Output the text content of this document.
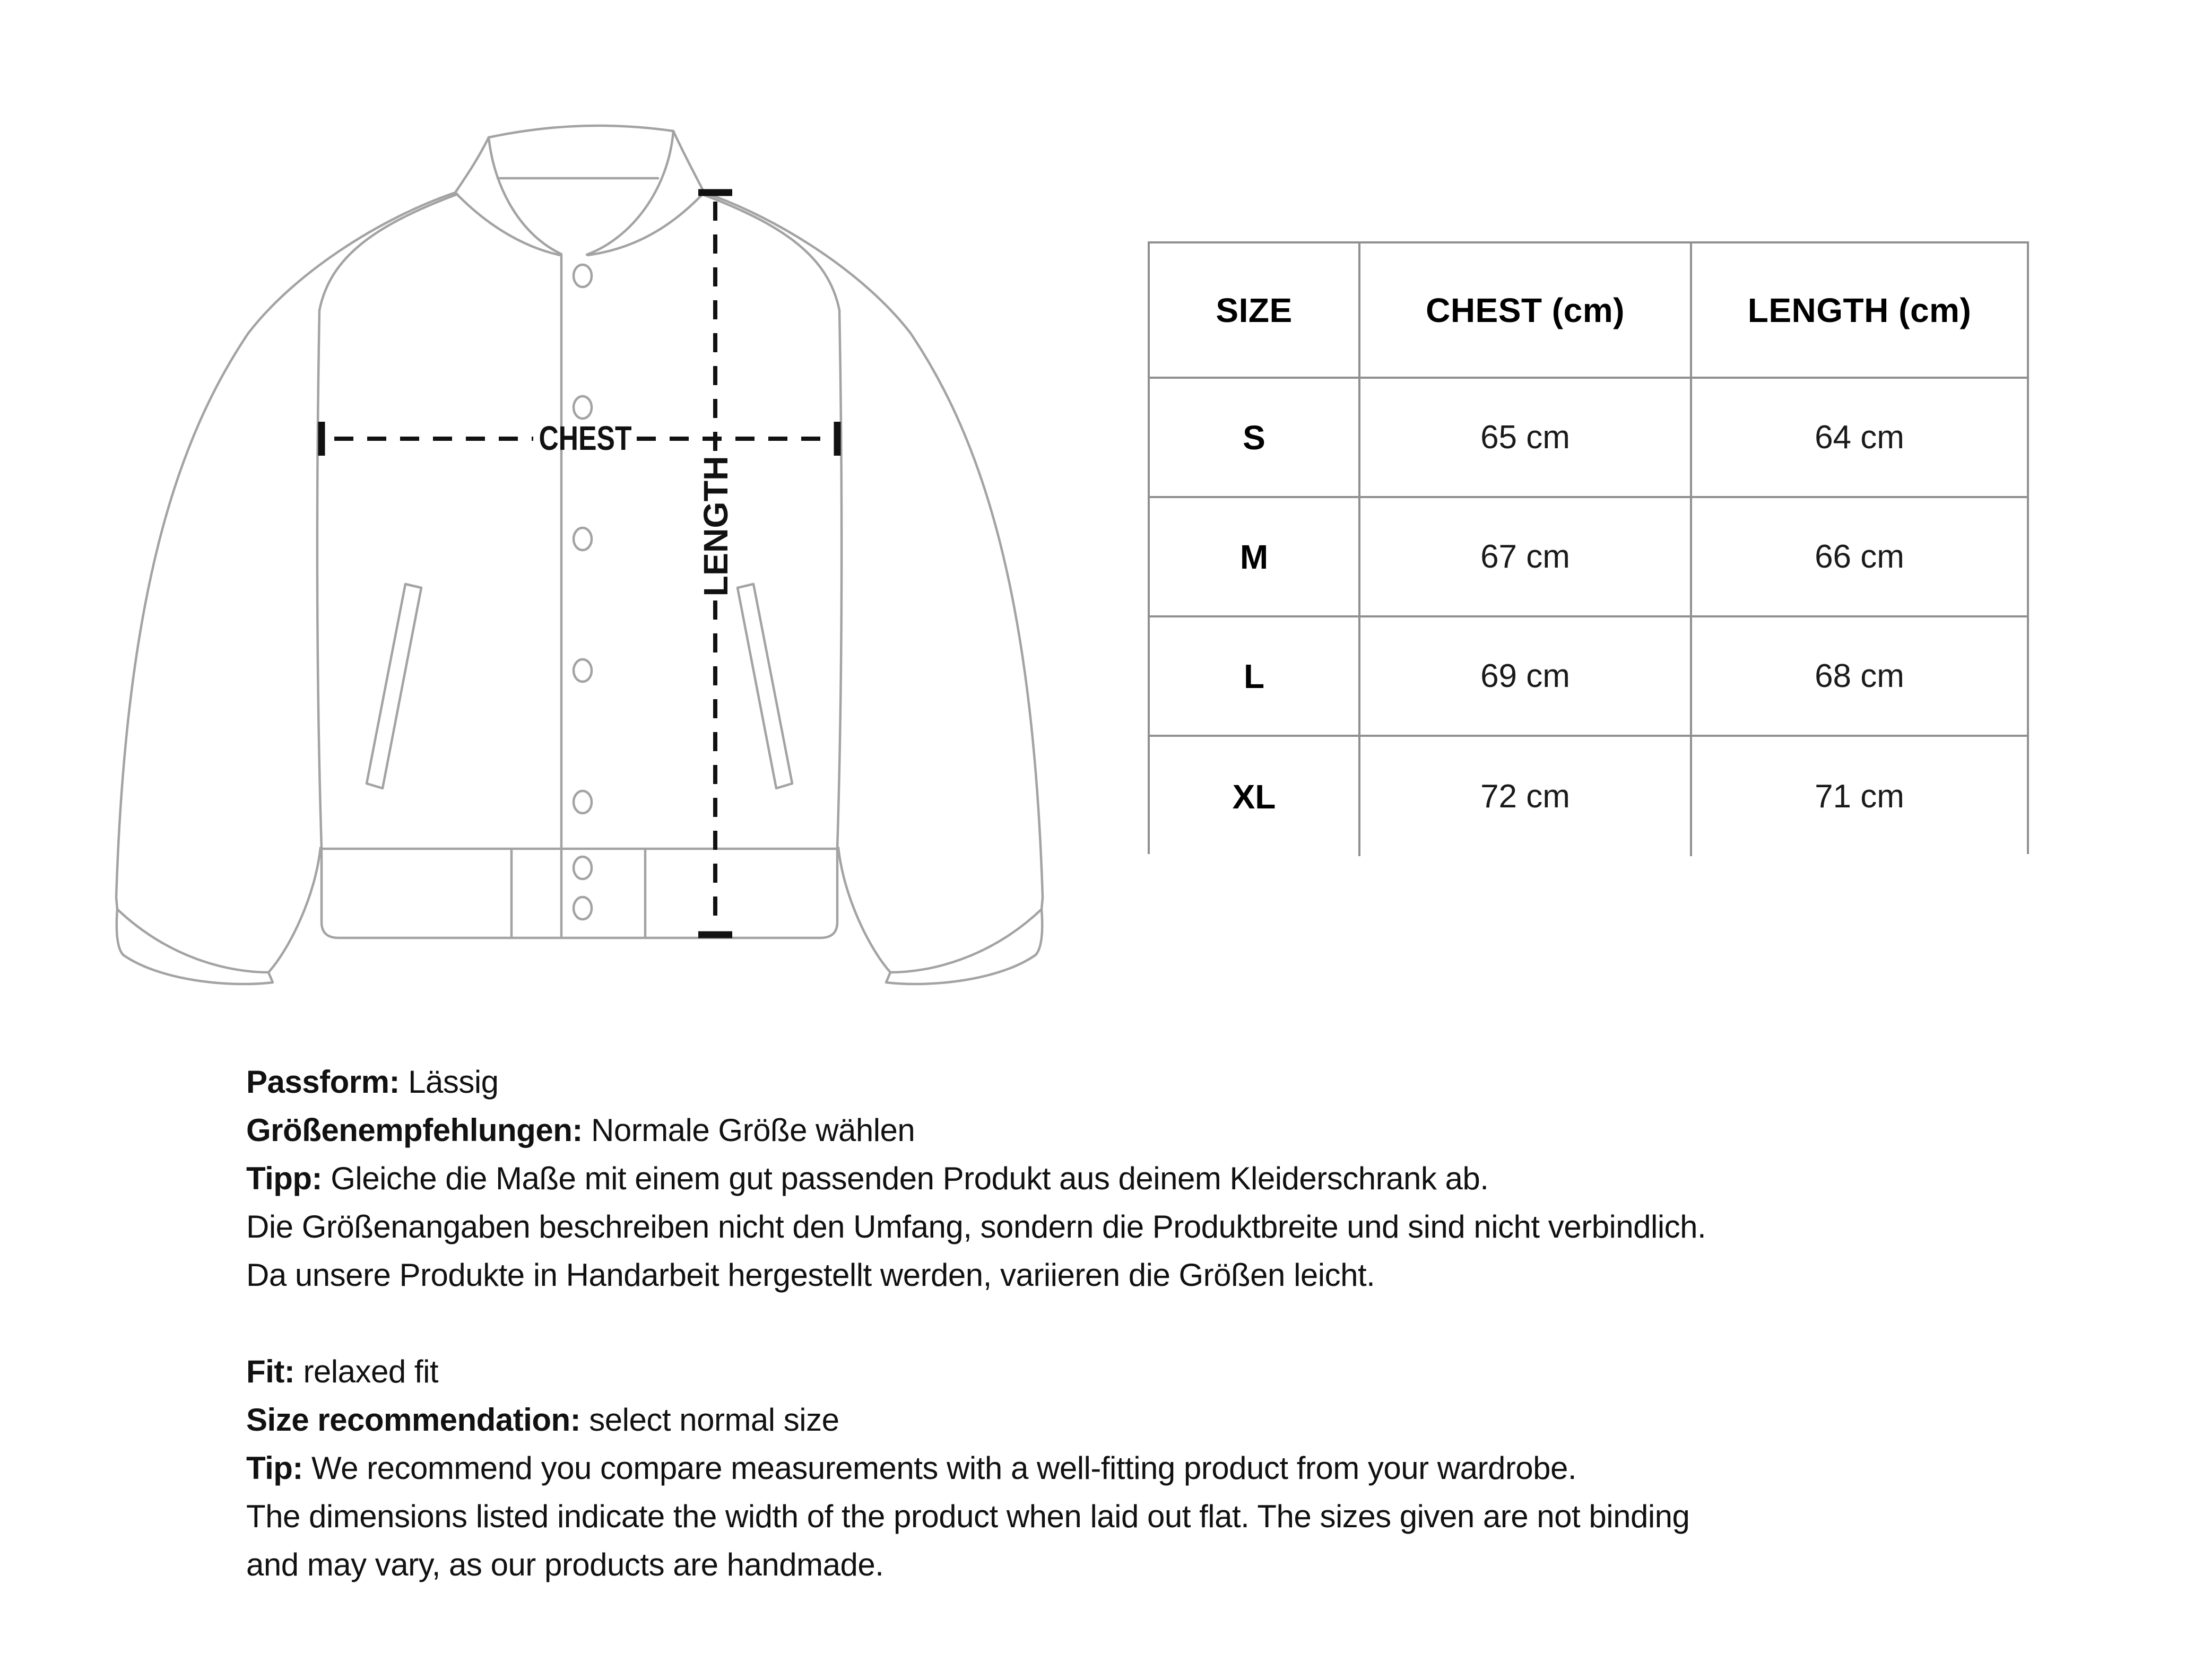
CHEST
LENGTH
SIZE	CHEST (cm)	LENGTH (cm)
S	65 cm	64 cm
M	67 cm	66 cm
L	69 cm	68 cm
XL	72 cm	71 cm
Passform: Lässig
Größenempfehlungen: Normale Größe wählen
Tipp: Gleiche die Maße mit einem gut passenden Produkt aus deinem Kleiderschrank ab.
Die Größenangaben beschreiben nicht den Umfang, sondern die Produktbreite und sind nicht verbindlich.
Da unsere Produkte in Handarbeit hergestellt werden, variieren die Größen leicht.
Fit: relaxed fit
Size recommendation: select normal size
Tip: We recommend you compare measurements with a well-fitting product from your wardrobe.
The dimensions listed indicate the width of the product when laid out flat. The sizes given are not binding
and may vary, as our products are handmade.
